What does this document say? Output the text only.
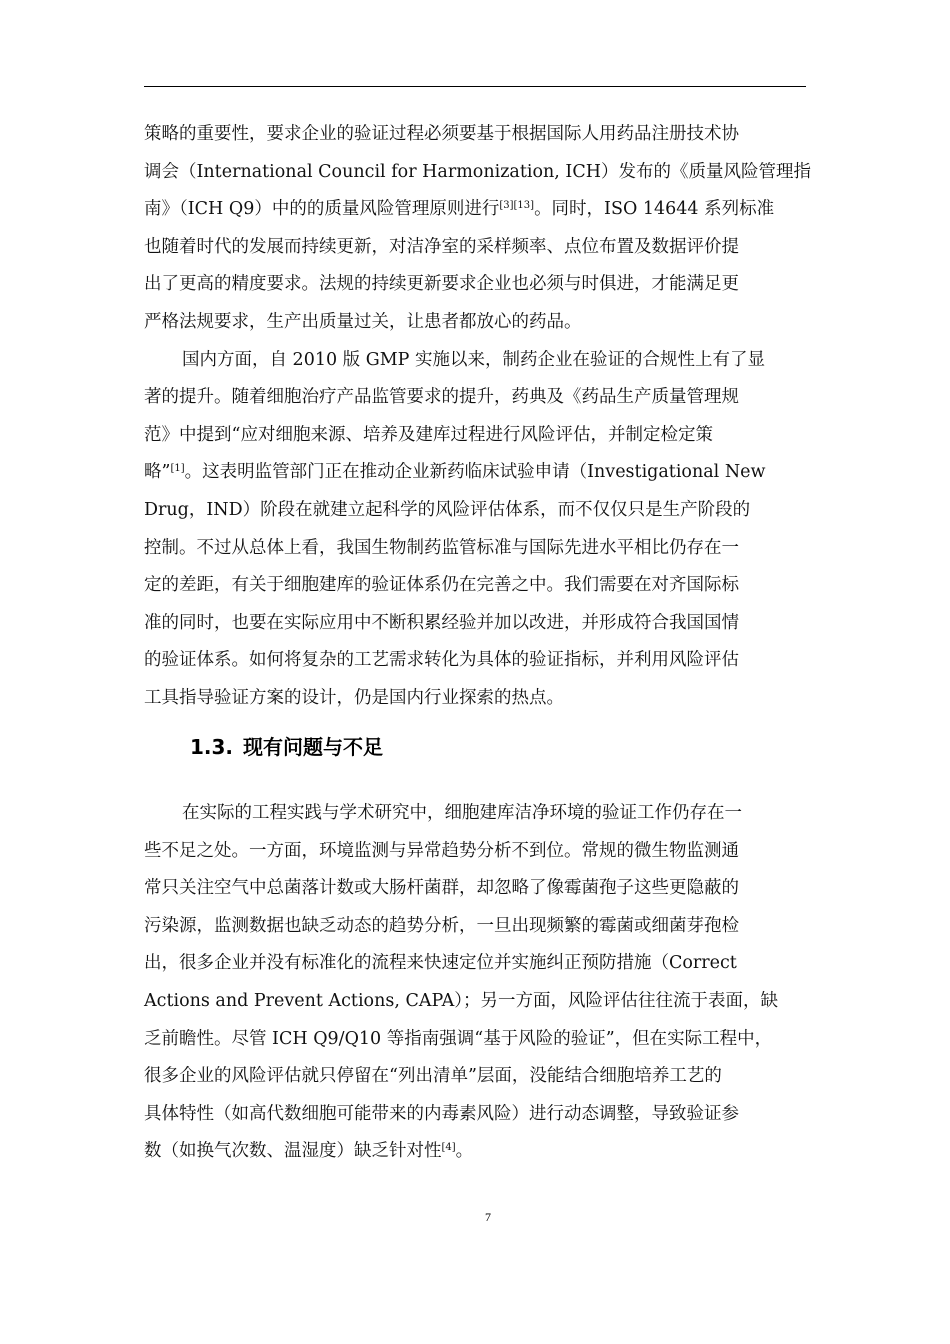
策略的重要性，要求企业的验证过程必须要基于根据国际人用药品注册技术协
调会（International Council for Harmonization, ICH）发布的《质量风险管理指
南》（ICH Q9）中的的质量风险管理原则进行[3][13]。同时，ISO 14644 系列标准
也随着时代的发展而持续更新，对洁净室的采样频率、点位布置及数据评价提
出了更高的精度要求。法规的持续更新要求企业也必须与时俱进，才能满足更
严格法规要求，生产出质量过关，让患者都放心的药品。

国内方面，自 2010 版 GMP 实施以来，制药企业在验证的合规性上有了显
著的提升。随着细胞治疗产品监管要求的提升，药典及《药品生产质量管理规
范》中提到“应对细胞来源、培养及建库过程进行风险评估，并制定检定策
略”[1]。这表明监管部门正在推动企业新药临床试验申请（Investigational New
Drug，IND）阶段在就建立起科学的风险评估体系，而不仅仅只是生产阶段的
控制。不过从总体上看，我国生物制药监管标准与国际先进水平相比仍存在一
定的差距，有关于细胞建库的验证体系仍在完善之中。我们需要在对齐国际标
准的同时，也要在实际应用中不断积累经验并加以改进，并形成符合我国国情
的验证体系。如何将复杂的工艺需求转化为具体的验证指标，并利用风险评估
工具指导验证方案的设计，仍是国内行业探索的热点。

1.3. 现有问题与不足

在实际的工程实践与学术研究中，细胞建库洁净环境的验证工作仍存在一
些不足之处。一方面，环境监测与异常趋势分析不到位。常规的微生物监测通
常只关注空气中总菌落计数或大肠杆菌群，却忽略了像霉菌孢子这些更隐蔽的
污染源，监测数据也缺乏动态的趋势分析，一旦出现频繁的霉菌或细菌芽孢检
出，很多企业并没有标准化的流程来快速定位并实施纠正预防措施（Correct
Actions and Prevent Actions, CAPA）；另一方面，风险评估往往流于表面，缺
乏前瞻性。尽管 ICH Q9/Q10 等指南强调“基于风险的验证”，但在实际工程中，
很多企业的风险评估就只停留在“列出清单”层面，没能结合细胞培养工艺的
具体特性（如高代数细胞可能带来的内毒素风险）进行动态调整，导致验证参
数（如换气次数、温湿度）缺乏针对性[4]。

7
